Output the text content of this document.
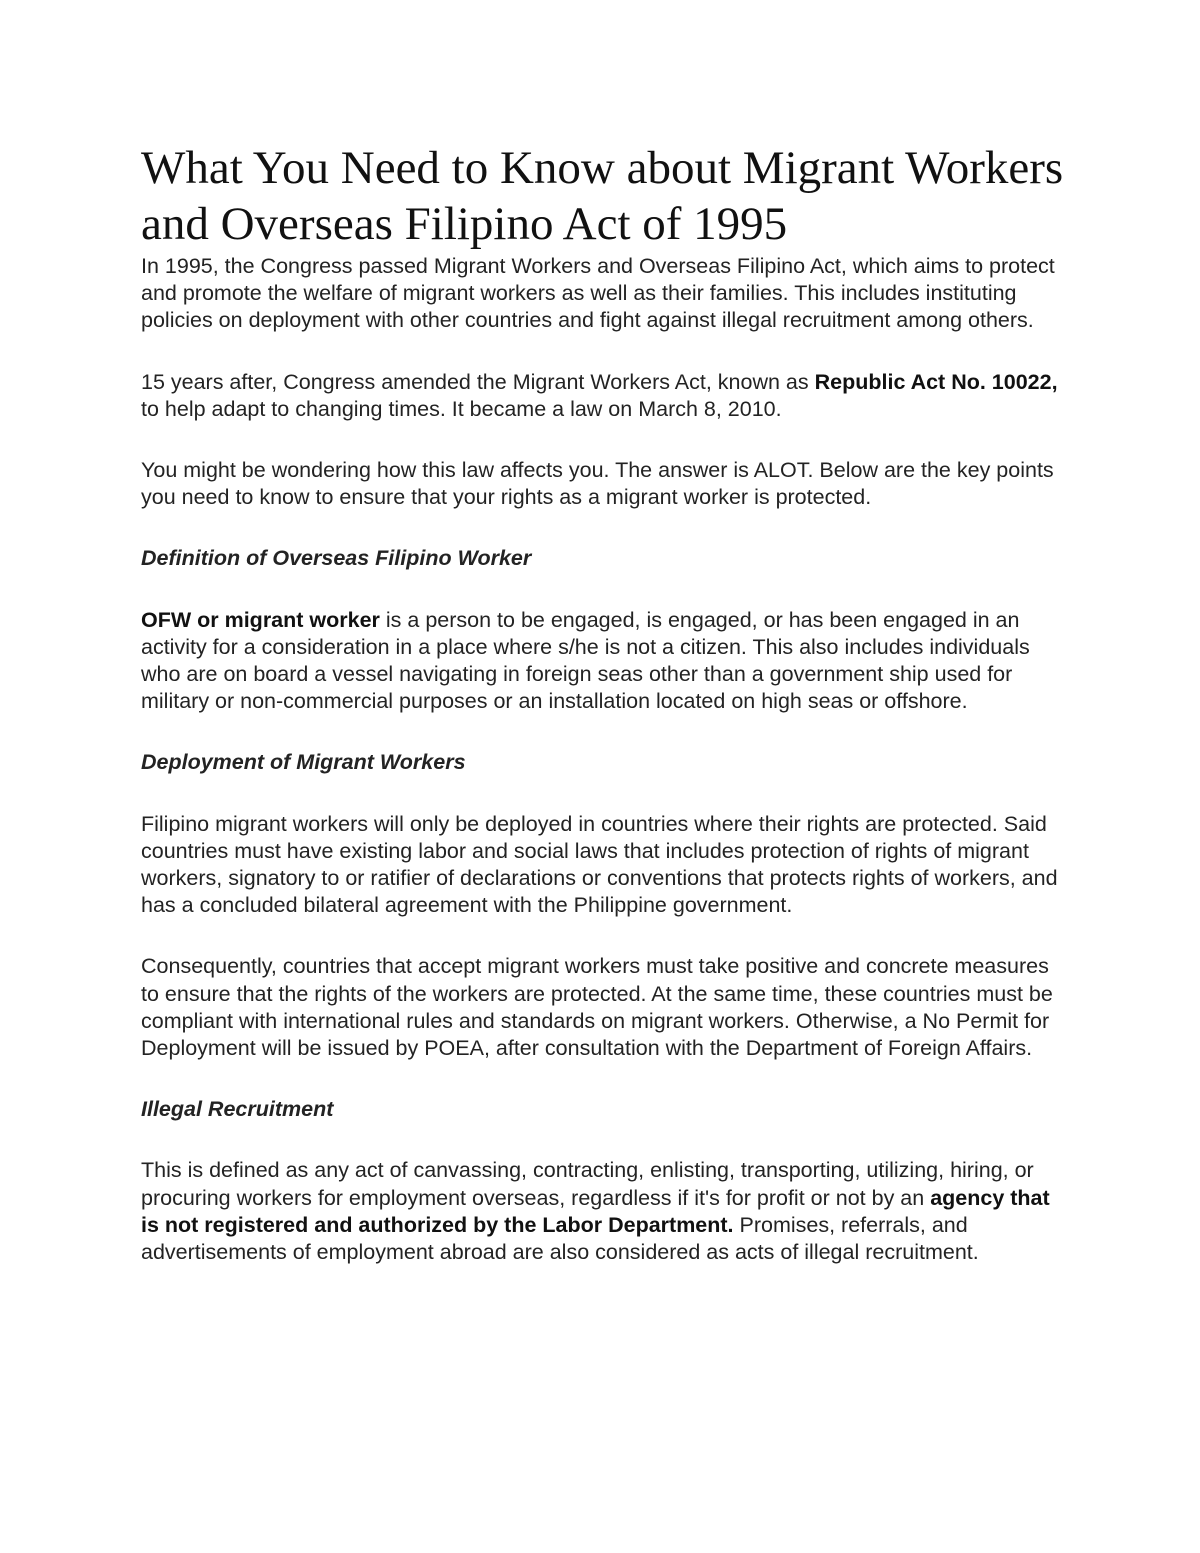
What You Need to Know about Migrant Workers and Overseas Filipino Act of 1995

In 1995, the Congress passed Migrant Workers and Overseas Filipino Act, which aims to protect and promote the welfare of migrant workers as well as their families. This includes instituting policies on deployment with other countries and fight against illegal recruitment among others.

15 years after, Congress amended the Migrant Workers Act, known as Republic Act No. 10022, to help adapt to changing times. It became a law on March 8, 2010.

You might be wondering how this law affects you. The answer is ALOT. Below are the key points you need to know to ensure that your rights as a migrant worker is protected.

Definition of Overseas Filipino Worker

OFW or migrant worker is a person to be engaged, is engaged, or has been engaged in an activity for a consideration in a place where s/he is not a citizen. This also includes individuals who are on board a vessel navigating in foreign seas other than a government ship used for military or non-commercial purposes or an installation located on high seas or offshore.

Deployment of Migrant Workers

Filipino migrant workers will only be deployed in countries where their rights are protected. Said countries must have existing labor and social laws that includes protection of rights of migrant workers, signatory to or ratifier of declarations or conventions that protects rights of workers, and has a concluded bilateral agreement with the Philippine government.

Consequently, countries that accept migrant workers must take positive and concrete measures to ensure that the rights of the workers are protected. At the same time, these countries must be compliant with international rules and standards on migrant workers. Otherwise, a No Permit for Deployment will be issued by POEA, after consultation with the Department of Foreign Affairs.

Illegal Recruitment

This is defined as any act of canvassing, contracting, enlisting, transporting, utilizing, hiring, or procuring workers for employment overseas, regardless if it's for profit or not by an agency that is not registered and authorized by the Labor Department. Promises, referrals, and advertisements of employment abroad are also considered as acts of illegal recruitment.
